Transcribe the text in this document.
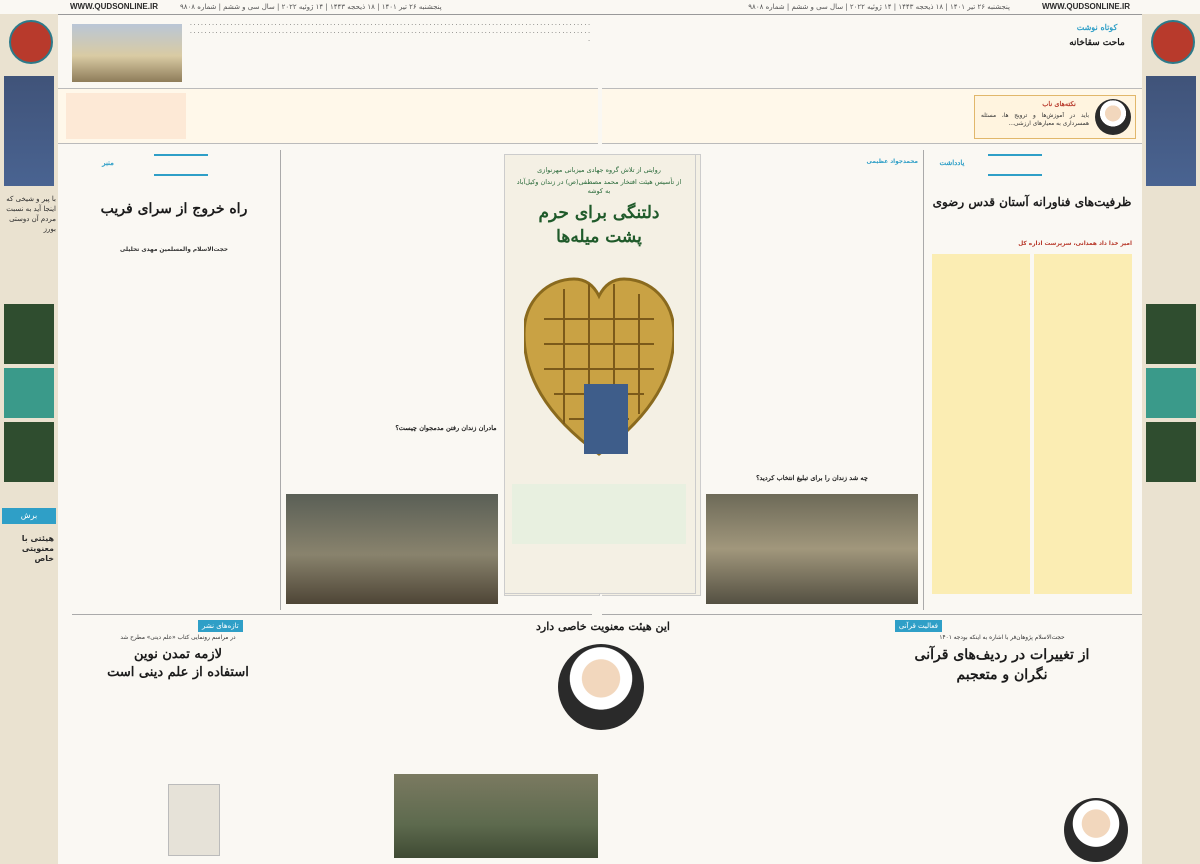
WWW.QUDSONLINE.IR	پنجشنبه ۲۶ تیر ۱۴۰۱ | ۱۸ ذیحجه ۱۴۴۳ | ۱۴ ژوئیه ۲۰۲۲ | سال سی و ششم | شماره ۹۸۰۸	پنجشنبه ۲۶ تیر ۱۴۰۱ | ۱۸ ذیحجه ۱۴۴۳ | ۱۴ ژوئیه ۲۰۲۲ | سال سی و ششم | شماره ۹۸۰۸	WWW.QUDSONLINE.IR
با پیر و شیخی که اینجا آید به نسبت مردم آن دوستی بورز
برش
هیئتی با معنویتی خاص
. . . . . . . . . . . . . . . . . . . . . . . . . . . . . . . . . . . . . . . . . . . . . . . . . . . . . . . . . . . . . . . . . . . . . . . . . . . . . . . . . . . . . . . . . . . . . . . . . . . . . . . . . . . . . . . . . . . . . . . . . . . . . . . . . . . . . . . . . . . . . . . . . . . . . . . . . . . . . . . . . . . . . . . . . . . . . . . . . . . . . . . . . . . . . . . . . . . . . . . . . . . . . . . . . . . . . . . . . . .
منبر
راه خروج از سرای فریب
حجت‌الاسلام والمسلمین مهدی تحلیلی
مادران زندان رفتن مدمجوان چیست؟
تازه‌های نشر
در مراسم رونمایی کتاب «علم دینی» مطرح شد
لازمه تمدن نوین
استفاده از علم دینی است
کوتاه نوشت
ماحت سقاخانه
نکته‌های ناب
باید در آموزش‌ها و ترویج ها، مسئله همسرداری به معیارهای ارزشی...
یادداشت
ظرفیت‌های فناورانه آستان قدس رضوی
امیر خدا داد همدانی، سرپرست اداره کل
محمدجواد عظیمی
چه شد زندان را برای تبلیغ انتخاب کردید؟
فعالیت قرآنی
حجت‌الاسلام پژوهان‌فر با اشاره به اینکه بودجه ۱۴۰۱
از تغییرات در ردیف‌های قرآنی
نگران و متعجبم
روایتی از تلاش گروه جهادی میزبانی مهرنوازی
از تأسیس هیئت افتخار محمد مصطفی(ص) در زندان وکیل‌آباد به کوشه
دلتنگی برای حرم
پشت میله‌ها
این هیئت معنویت خاصی دارد
